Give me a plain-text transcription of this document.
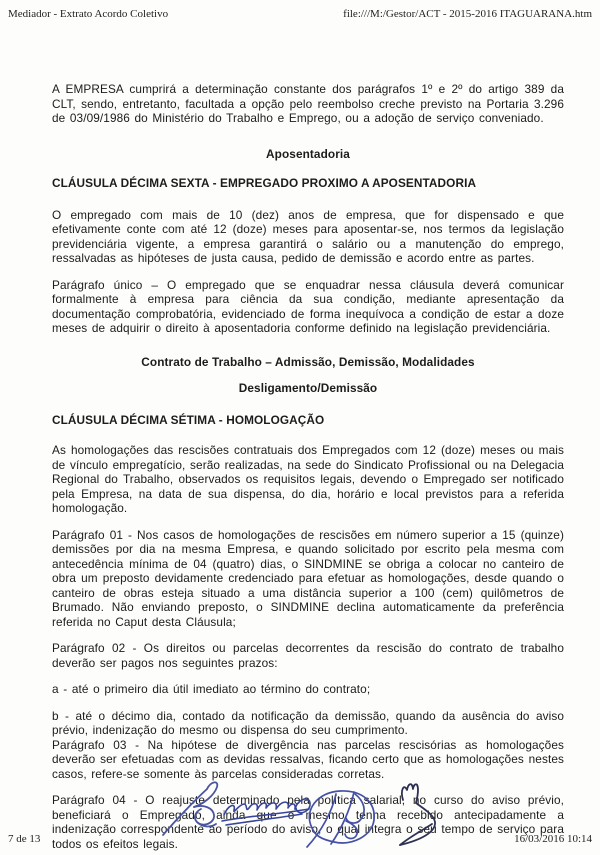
Mediador - Extrato Acordo Coletivo	file:///M:/Gestor/ACT - 2015-2016 ITAGUARANA.htm

A EMPRESA cumprirá a determinação constante dos parágrafos 1º e 2º do artigo 389 da CLT, sendo, entretanto, facultada a opção pelo reembolso creche previsto na Portaria 3.296 de 03/09/1986 do Ministério do Trabalho e Emprego, ou a adoção de serviço conveniado.

Aposentadoria

CLÁUSULA DÉCIMA SEXTA - EMPREGADO PROXIMO A APOSENTADORIA

O empregado com mais de 10 (dez) anos de empresa, que for dispensado e que efetivamente conte com até 12 (doze) meses para aposentar-se, nos termos da legislação previdenciária vigente, a empresa garantirá o salário ou a manutenção do emprego, ressalvadas as hipóteses de justa causa, pedido de demissão e acordo entre as partes.

Parágrafo único – O empregado que se enquadrar nessa cláusula deverá comunicar formalmente à empresa para ciência da sua condição, mediante apresentação da documentação comprobatória, evidenciado de forma inequívoca a condição de estar a doze meses de adquirir o direito à aposentadoria conforme definido na legislação previdenciária.

Contrato de Trabalho – Admissão, Demissão, Modalidades

Desligamento/Demissão

CLÁUSULA DÉCIMA SÉTIMA - HOMOLOGAÇÃO

As homologações das rescisões contratuais dos Empregados com 12 (doze) meses ou mais de vínculo empregatício, serão realizadas, na sede do Sindicato Profissional ou na Delegacia Regional do Trabalho, observados os requisitos legais, devendo o Empregado ser notificado pela Empresa, na data de sua dispensa, do dia, horário e local previstos para a referida homologação.

Parágrafo 01 - Nos casos de homologações de rescisões em número superior a 15 (quinze) demissões por dia na mesma Empresa, e quando solicitado por escrito pela mesma com antecedência mínima de 04 (quatro) dias, o SINDMINE se obriga a colocar no canteiro de obra um preposto devidamente credenciado para efetuar as homologações, desde quando o canteiro de obras esteja situado a uma distância superior a 100 (cem) quilômetros de Brumado. Não enviando preposto, o SINDMINE declina automaticamente da preferência referida no Caput desta Cláusula;

Parágrafo 02 - Os direitos ou parcelas decorrentes da rescisão do contrato de trabalho deverão ser pagos nos seguintes prazos:

a - até o primeiro dia útil imediato ao término do contrato;

b - até o décimo dia, contado da notificação da demissão, quando da ausência do aviso prévio, indenização do mesmo ou dispensa do seu cumprimento.

Parágrafo 03 - Na hipótese de divergência nas parcelas rescisórias as homologações deverão ser efetuadas com as devidas ressalvas, ficando certo que as homologações nestes casos, refere-se somente às parcelas consideradas corretas.

Parágrafo 04 - O reajuste determinado pela política salarial, no curso do aviso prévio, beneficiará o Empregado, ainda que o mesmo tenha recebido antecipadamente a indenização correspondente ao período do aviso, o qual integra o seu tempo de serviço para todos os efeitos legais.

7 de 13	16/03/2016 10:14
